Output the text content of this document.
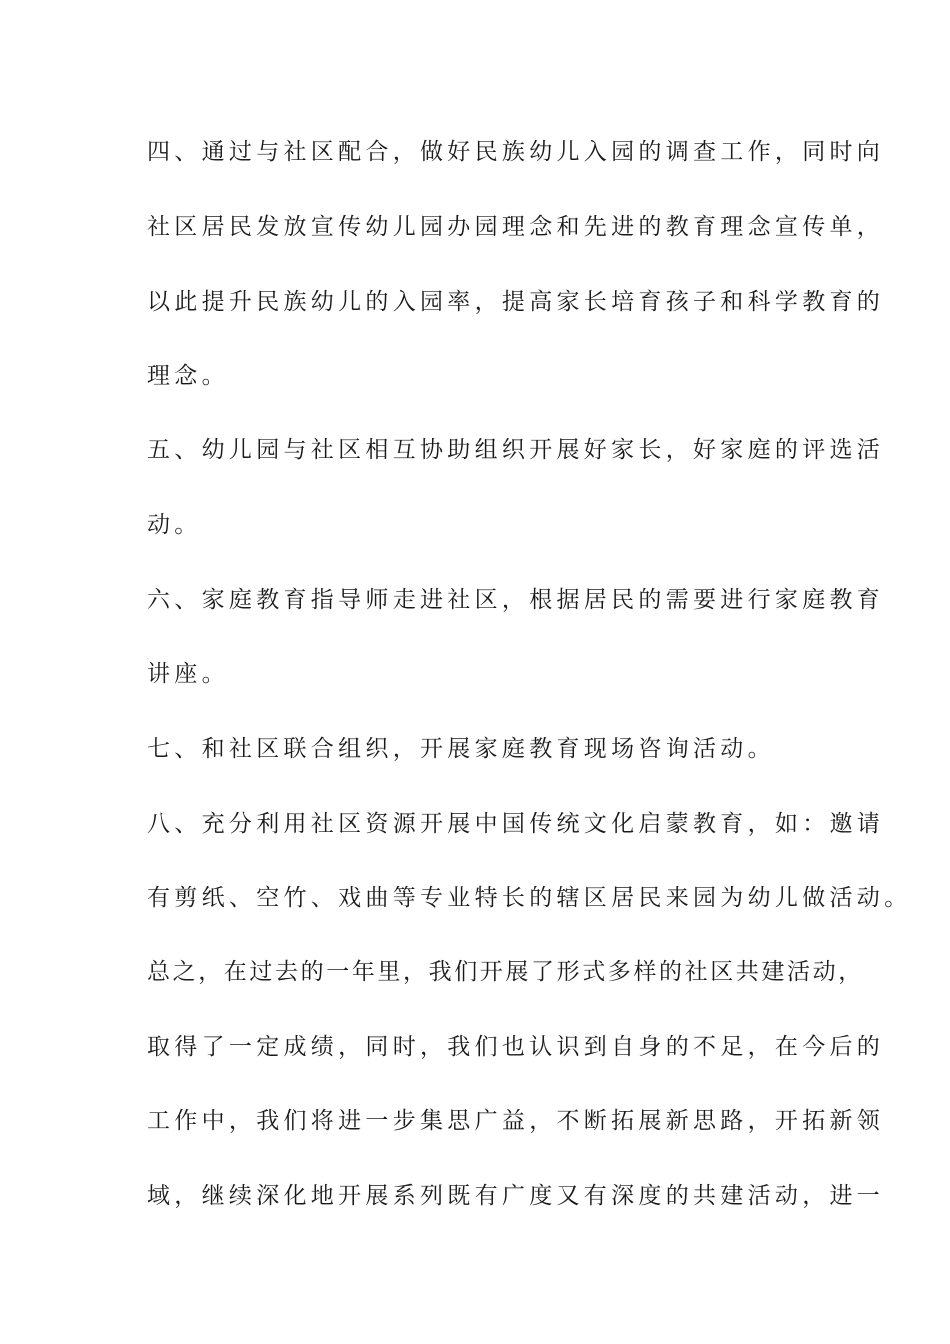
四、通过与社区配合，做好民族幼儿入园的调查工作，同时向
社区居民发放宣传幼儿园办园理念和先进的教育理念宣传单，
以此提升民族幼儿的入园率，提高家长培育孩子和科学教育的
理念。
五、幼儿园与社区相互协助组织开展好家长，好家庭的评选活
动。
六、家庭教育指导师走进社区，根据居民的需要进行家庭教育
讲座。
七、和社区联合组织，开展家庭教育现场咨询活动。
八、充分利用社区资源开展中国传统文化启蒙教育，如：邀请
有剪纸、空竹、戏曲等专业特长的辖区居民来园为幼儿做活动。
总之，在过去的一年里，我们开展了形式多样的社区共建活动，
取得了一定成绩，同时，我们也认识到自身的不足，在今后的
工作中，我们将进一步集思广益，不断拓展新思路，开拓新领
域，继续深化地开展系列既有广度又有深度的共建活动，进一
